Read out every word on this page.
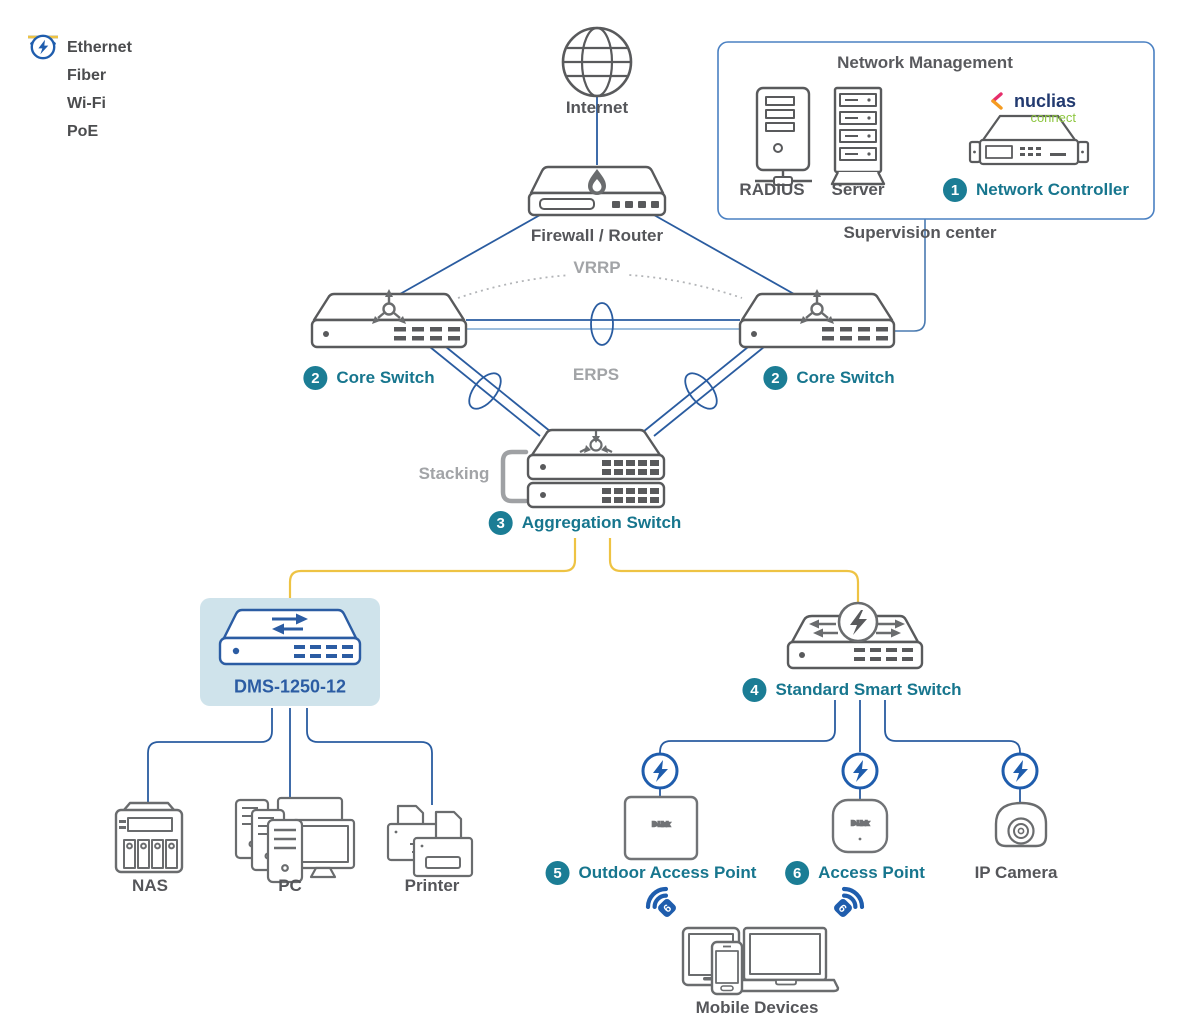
D-Link	D-Link
6	6
Ethernet
Fiber
Wi-Fi
PoE
nuclias
connect
Network Management
Internet
Firewall / Router
RADIUS Server
Supervision center
VRRP
ERPS
Stacking
DMS-1250-12
NAS	PC	Printer
IP Camera
Mobile Devices
1 Network Controller
2 Core Switch	2 Core Switch
3 Aggregation Switch
4 Standard Smart Switch
5 Outdoor Access Point	6 Access Point
